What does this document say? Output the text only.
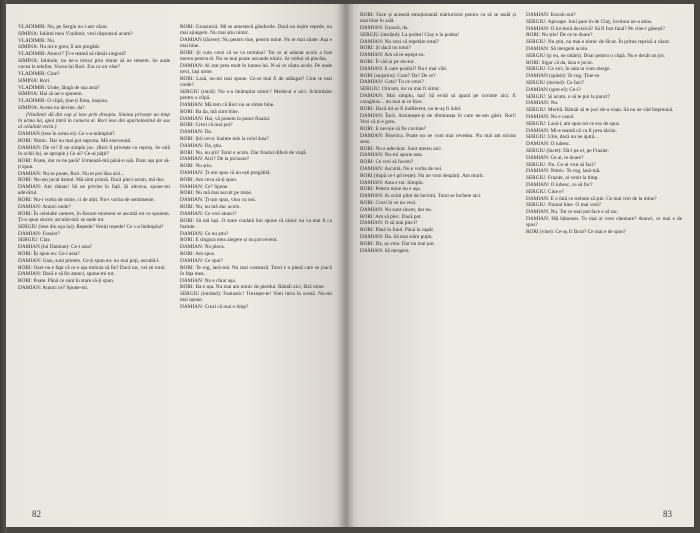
VLADIMIR: Nu, pe Sergiu nu l-am văzut.

SIMINA: Iubitul meu Vladimir, vezi răspunsul acum?

VLADIMIR: Nu.

SIMINA: Nu mi-e greu; îl am pregătit.

VLADIMIR: Atunci? Ți-e teamă să rămâi singură?

SIMINA: Iubitule, nu ne-a trecut prin minte să ne temem. Se aude vocea la telefon. Vocea lui Rori. Era ca un vânt?

VLADIMIR: Cine?

SIMINA: Rori.

VLADIMIR: Unde, lângă de ușa asta?

SIMINA: Hai să ne-o spunem.

VLADIMIR: O clipă, ține-ți firea, mașina.

SIMINA: Aceea nu devine, da?

(Vladimir dă din cap și iese prin dreapta. Simina privește un timp în urma lui, apoi intră în camera ei. Rori iese din apartamentul de sus al celuilalt vecin.)

DAMIAN (iese în urma ei): Ce s-a-ntâmplat?

RORI: Nimic. Dar nu mai pot suporta. Mă enervează.

DAMIAN: De ce? E un simplu joc. (Rori îl privește cu reproș. Se uită în ochii lui, se apropie.) Ce ai? Ce-ai pățit?

RORI: Poate, dar ce ne pasă? Urmează-mă până-n ușă. Doar așa pot să-ți spun.

DAMIAN: Nu se poate, Rori. Nu te pot lăsa aici...

RORI: Ne-am jucat destul. Mă simt prinsă. Dacă pleci acum, mă duc.

DAMIAN: Am rămas! Să ne privim în față. Și altceva, spune-mi adevărul.

RORI: Nu-i vorba de mine, ci de alții. Nu-i vorba de sentimente.

DAMIAN: Atunci unde?

RORI: În celelalte camere, în fiecare moment se ascultă tot ce spunem. Ți-o spun sincer, ascultă-mă: se aude tot.

SERGIU (iese din ușa lui): Repede! Veniți repede! Ce s-a întâmplat?

DAMIAN: Frazier?

SERGIU: Clay.

DAMIAN (lui Damian): Ce-i asta?

RORI: Îți spun eu: Ce-i asta?

DAMIAN: Gata, sunt prieten. Ce-ți spun eu: nu mai poți, ascultă-l.

RORI: Oare nu e fapt că ce e așa trebuia să fie? Dacă tac, vei ști totul.

DAMIAN: Dacă e să fie atunci, spune-mi tot.

RORI: Poate. Până ce sunt în stare să-ți spun.

DAMIAN: Atunci ce? Spune-mi.

RORI: Groaznică. Mi se amestecă gândurile. Dacă nu ieșim repede, nu mai ajungem. Nu mai știu nimic.

DAMIAN (tăcere): Nu pentru tine, pentru mine. Nu te mai zbate. Așa e mai bine.

RORI: Și cum crezi că se va termina? Tot ce ai adunat acolo a fost mereu pentru el. Nu se mai poate ascunde nimic. Ar trebui să plecăm.

DAMIAN: Ai stat prea mult în lumea lui. N-ai ce căuta acolo. Pe unde treci, lași urme.

RORI: Lasă, nu-mi mai spune. Ce-ar mai fi de adăugat? Cine te mai crede?

SERGIU (intră): Nu s-a întâmplat nimic? Medicul e aici. Schimbăm pentru o clipă.

DAMIAN: Mă tem că Rori nu se simte bine.

RORI: Ba da, mă simt bine.

DAMIAN: Hai, vă punem la punct finalul.

RORI: Crezi că mai pot?

DAMIAN: Da.

RORI: Știi ceva: înainte mie la rolul ăsta?

DAMIAN: Da, știu.

RORI: Nu, nu știi! Totul e acolo. Dar finalul diferă de viață.

DAMIAN: Aici? De la picioare?

RORI: Nu știu.

DAMIAN: Ți-am spus că nu ești pregătită.

RORI: Am ceva să-ți spun.

DAMIAN: Ce? Spune.

RORI: Nu mă mai ascult pe mine.

DAMIAN: Ți-am spus, vino cu noi.

RORI: Nu, nu mă duc acolo.

DAMIAN: Ce vrei atunci?

RORI: Să mă lași. O stare ciudată îmi spune că nimic nu va mai fi ca înainte.

DAMIAN: Ce nu știu?

RORI: E singura mea alegere și nu pot reveni.

DAMIAN: Nu pleca.

RORI: Am spus.

DAMIAN: Ce spui?

RORI: Te rog, lasă-mă. Nu mai contează. Totul e o piesă care se joacă în fața mea.

DAMIAN: Nu e chiar așa.

RORI: Ba e așa. Nu mai am nimic de pierdut. Rămâi aici, fără mine.

SERGIU (intrând): Fantastic! Trezește-te! Vom intra în scenă. Nu-mi mai spune.

DAMIAN: Crezi că mai e timp?

82

RORI: Face și această emoționantă mărturisire pentru ca să se audă și mai bine în sală.

DAMIAN: Ușoară, da.

SERGIU (intrând): La podea! Clay e la podea!

DAMIAN: Nu vezi că repetăm totul?

RORI: Și dacă nu totul?

DAMIAN: Am să te-aștept eu.

RORI: Îl văd și pe doctor.

DAMIAN: E oare posibil? Nu-l mai văd.

RORI (surprins): Cum? Da? De ce?

DAMIAN: Gata? Tu ce crezi?

SERGIU: Oricum, nu va mai fi nimic.

DAMIAN: Mai simplu, hai! Să evită să apară pe cuvinte aici. E caraghios... nu mai ai ce face.

RORI: Dacă mi-ai fi indiferent, nu te-aș fi iubit.

DAMIAN: Încă. Amintește-ți de dimineața în care ne-am găsit. Rori! Vezi că ți-e greu.

RORI: E nevoie să fie cuvinte?

DAMIAN: Biserica. Poate nu ne vom mai revedea. Nu mai am niciun sens.

RORI: Nu e adevărat. Sunt mereu aici.

DAMIAN: Nu-mi spune asta.

RORI: Ce vrei să facem?

DAMIAN: Ascultă. Nu e vorba de noi.

RORI (după ce-l privește): Nu ne vom despărți. Am murit.

DAMIAN: Asta e tot. Simplu.

RORI: Pentru mine nu e așa.

DAMIAN: Ai ochii plini de lacrimi. Totul se încheie aici.

RORI: Crezi în ce nu vezi.

DAMIAN: Nu sunt sincer, dar eu.

RORI: Am să plec. Dacă pot.

DAMIAN: O să mai pleci?

RORI: Până în fund. Până la capăt.

DAMIAN: Da. Să mai stăm puțin.

RORI: Da, aș vrea. Dar nu mai pot.

DAMIAN: Să mergem.

DAMIAN: Knock-out?

SERGIU: Aproape. Ioni pare în de Clay, lovitura ne-a atins.

DAMIAN: O lovitură decisivă? Să fi fost fatal? Pe cine-l găsești?

RORI: Nu știe! De ce te doare?

SERGIU: Nu știu, nu mai e nimic de făcut. În prima repriză a căzut.

DAMIAN: Să mergem acolo.

SERGIU (și eu, ne uităm). Doar pentru o clipă. Nu e decât un joc.

RORI: Sigur că da, ăsta e jocul.

SERGIU: Ce zici, în sala ta vom merge.

DAMIAN (spăsit): Te rog. Ține-te.

SERGIU (dorind): Ce faci?

DAMIAN (spre el): Ce-i?

SERGIU: Și acum, o să te pui la punct?

DAMIAN: Nu.

SERGIU: Merită. Rămâi să te joci de-a viața. Să nu ne văd împreună.

DAMIAN: Nu e cazul.

SERGIU: Lasă-l, am spus tot ce era de spus.

DAMIAN: Mi-e teamă că va fi prea târziu.

SERGIU: Uite, dacă nu ne ajută...

DAMIAN: O iubesc.

SERGIU (încet): Dă-l pe el, pe Frazier.

DAMIAN: Ce ai, te doare?

SERGIU: Nu. Ce-ai vrut să faci?

DAMIAN: Nimic. Te rog, lasă-mă.

SERGIU: Frazier, ai venit la timp.

DAMIAN: O iubesc, ce să fac?

SERGIU: Cine e?

DAMIAN: E o fată ce trebuie să știe. Ce mai vrei de la mine?

SERGIU: Numai bine. O mai vezi?

DAMIAN: Nu. Tot ce mai pot face e să tac.

DAMIAN: Mă bătusem. Tu mai ai vreo chemare? Atunci, ce mai e de spus?

RORI (vine): Ce-aș fi făcut? Ce mai e de spus?

83
